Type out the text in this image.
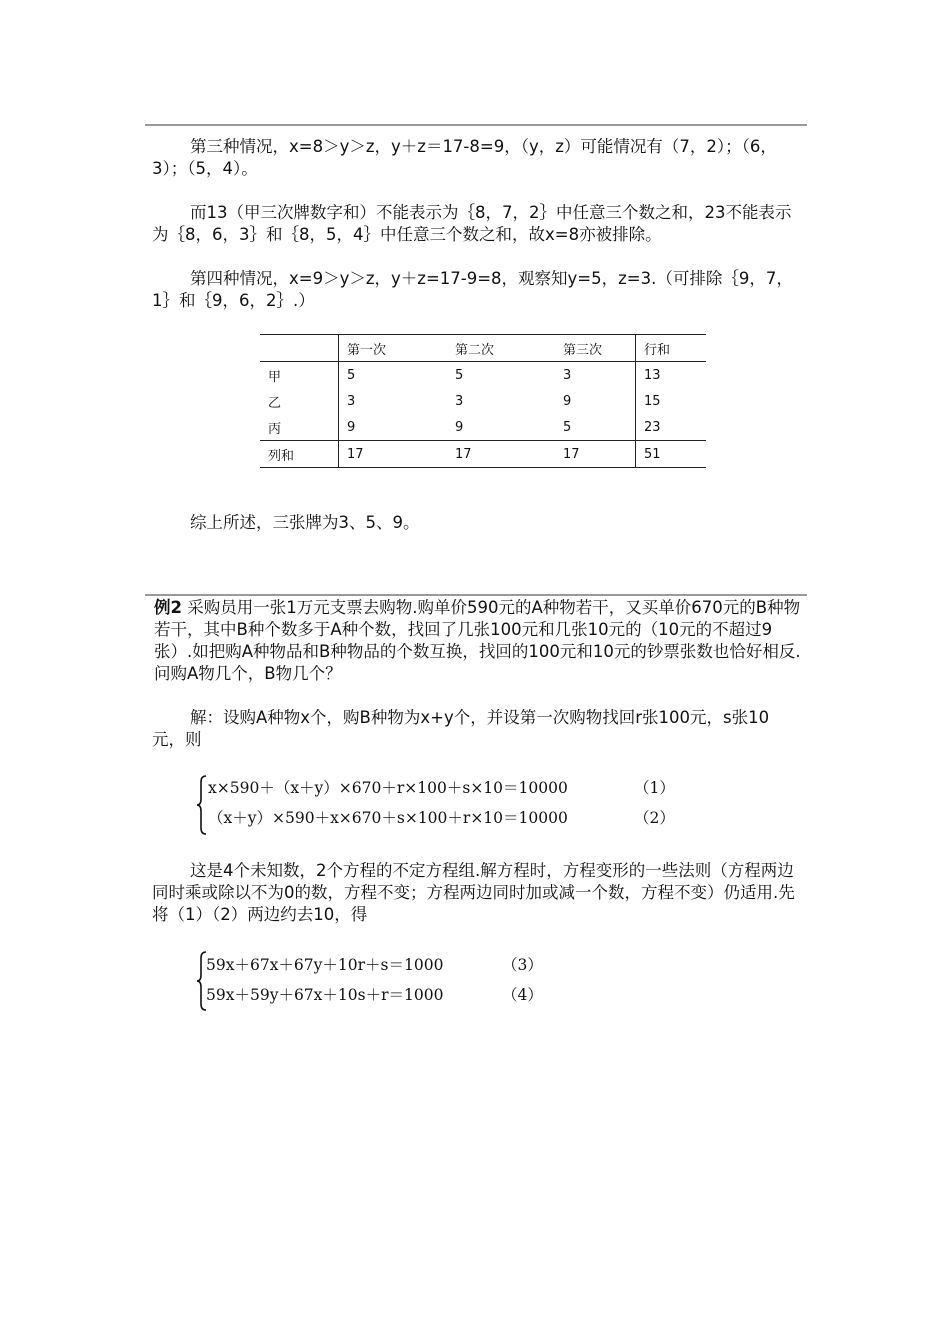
第三种情况，x=8＞y＞z，y＋z＝17-8=9，（y，z）可能情况有（7，2）；（6，3）；（5，4）。

而13（甲三次牌数字和）不能表示为｛8，7，2｝中任意三个数之和，23不能表示为｛8，6，3｝和｛8，5，4｝中任意三个数之和，故x=8亦被排除。

第四种情况，x=9＞y＞z，y＋z=17-9=8，观察知y=5，z=3.（可排除｛9，7，1｝和｛9，6，2｝.）

	第一次	第二次	第三次	行和
甲	5	5	3	13
乙	3	3	9	15
丙	9	9	5	23
列和	17	17	17	51

综上所述，三张牌为3、5、9。

例2 采购员用一张1万元支票去购物.购单价590元的A种物若干，又买单价670元的B种物若干，其中B种个数多于A种个数，找回了几张100元和几张10元的（10元的不超过9张）.如把购A种物品和B种物品的个数互换，找回的100元和10元的钞票张数也恰好相反.问购A物几个，B物几个？

解：设购A种物x个，购B种物为x+y个，并设第一次购物找回r张100元，s张10元，则

x×590＋（x＋y）×670＋r×100＋s×10＝10000	（1）
（x＋y）×590＋x×670＋s×100＋r×10＝10000	（2）

这是4个未知数，2个方程的不定方程组.解方程时，方程变形的一些法则（方程两边同时乘或除以不为0的数，方程不变；方程两边同时加或减一个数，方程不变）仍适用.先将（1）（2）两边约去10，得

59x＋67x＋67y＋10r＋s＝1000	（3）
59x＋59y＋67x＋10s＋r＝1000	（4）
